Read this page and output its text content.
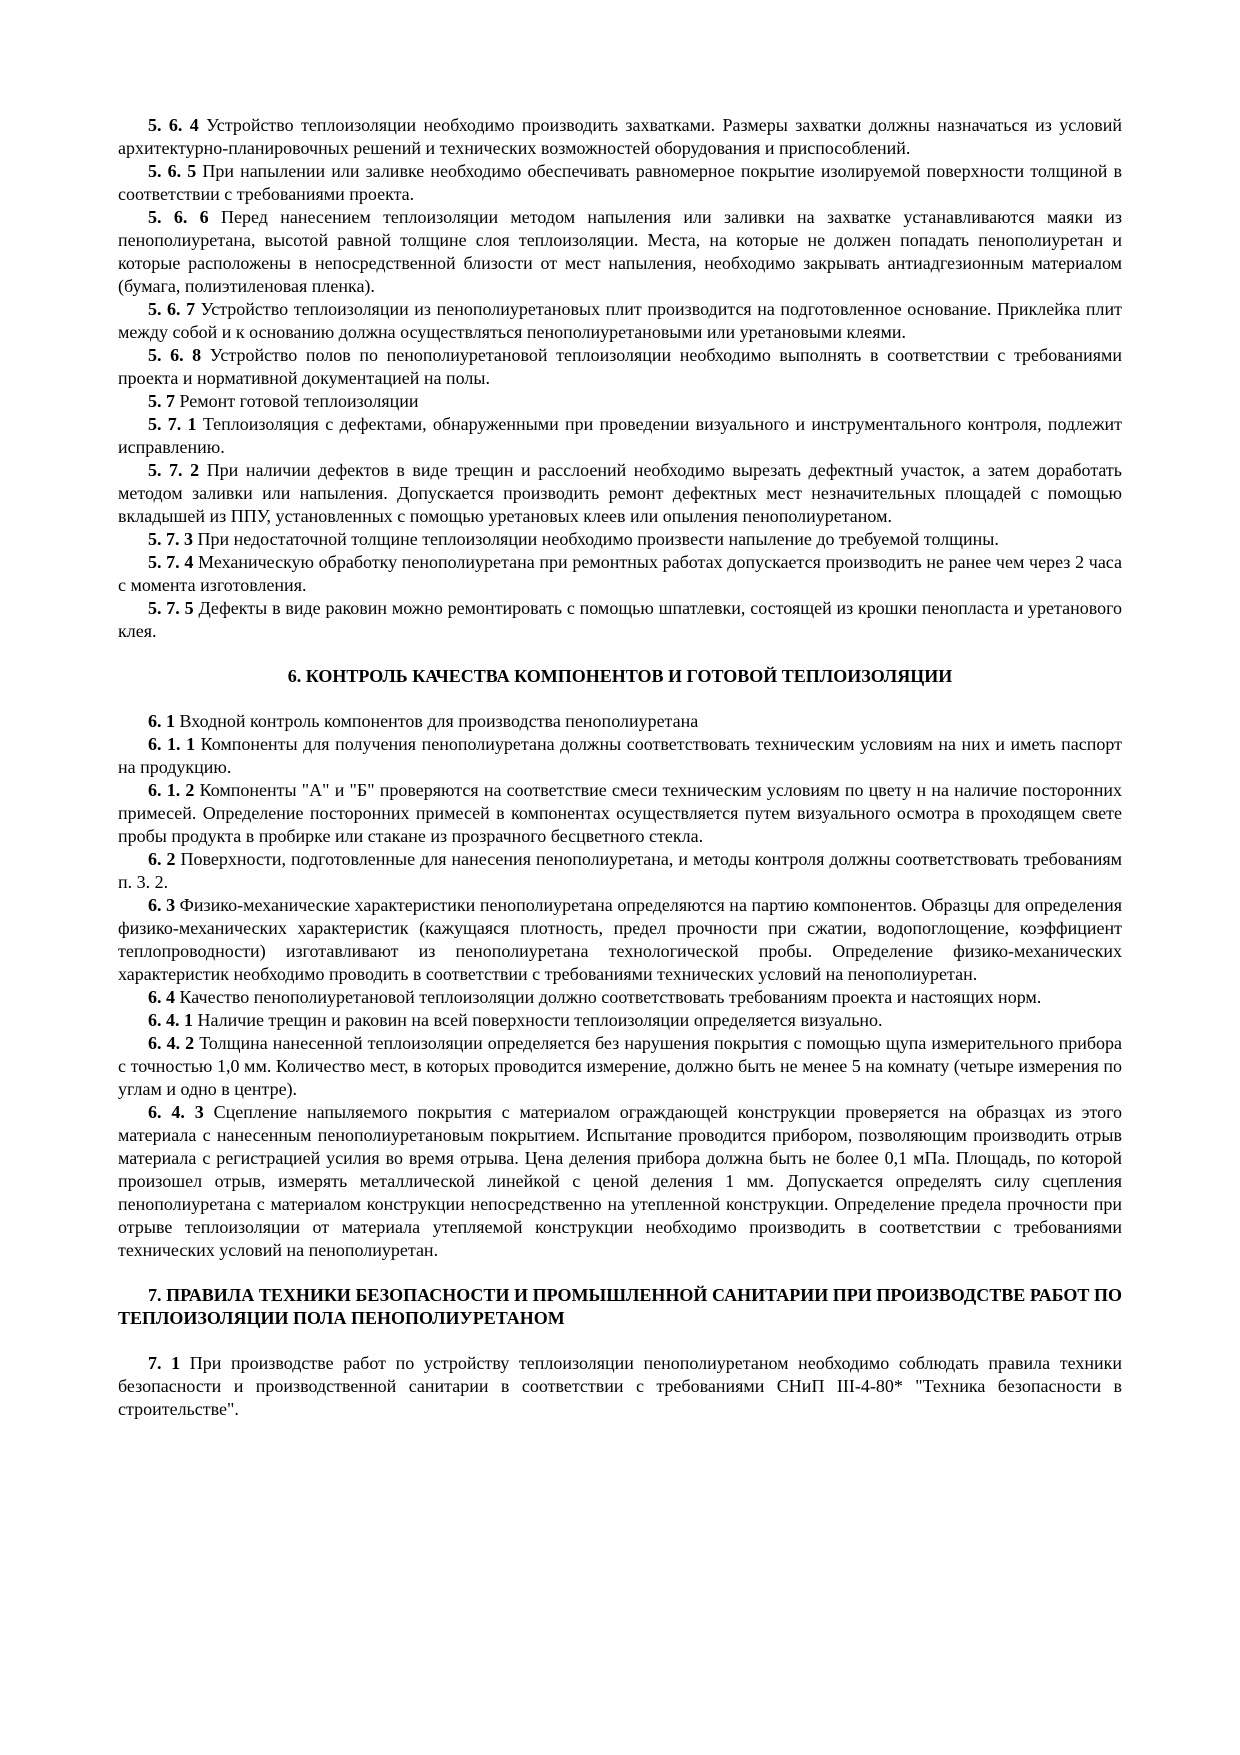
5. 6. 4 Устройство теплоизоляции необходимо производить захватками. Размеры захватки должны назначаться из условий архитектурно-планировочных решений и технических возможностей оборудования и приспособлений.

5. 6. 5 При напылении или заливке необходимо обеспечивать равномерное покрытие изолируемой поверхности толщиной в соответствии с требованиями проекта.

5. 6. 6 Перед нанесением теплоизоляции методом напыления или заливки на захватке устанавливаются маяки из пенополиуретана, высотой равной толщине слоя теплоизоляции. Места, на которые не должен попадать пенополиуретан и которые расположены в непосредственной близости от мест напыления, необходимо закрывать антиадгезионным материалом (бумага, полиэтиленовая пленка).

5. 6. 7 Устройство теплоизоляции из пенополиуретановых плит производится на подготовленное основание. Приклейка плит между собой и к основанию должна осуществляться пенополиуретановыми или уретановыми клеями.

5. 6. 8 Устройство полов по пенополиуретановой теплоизоляции необходимо выполнять в соответствии с требованиями проекта и нормативной документацией на полы.

5. 7 Ремонт готовой теплоизоляции

5. 7. 1 Теплоизоляция с дефектами, обнаруженными при проведении визуального и инструментального контроля, подлежит исправлению.

5. 7. 2 При наличии дефектов в виде трещин и расслоений необходимо вырезать дефектный участок, а затем доработать методом заливки или напыления. Допускается производить ремонт дефектных мест незначительных площадей с помощью вкладышей из ППУ, установленных с помощью уретановых клеев или опыления пенополиуретаном.

5. 7. 3 При недостаточной толщине теплоизоляции необходимо произвести напыление до требуемой толщины.

5. 7. 4 Механическую обработку пенополиуретана при ремонтных работах допускается производить не ранее чем через 2 часа с момента изготовления.

5. 7. 5 Дефекты в виде раковин можно ремонтировать с помощью шпатлевки, состоящей из крошки пенопласта и уретанового клея.

6. КОНТРОЛЬ КАЧЕСТВА КОМПОНЕНТОВ И ГОТОВОЙ ТЕПЛОИЗОЛЯЦИИ

6. 1 Входной контроль компонентов для производства пенополиуретана

6. 1. 1 Компоненты для получения пенополиуретана должны соответствовать техническим условиям на них и иметь паспорт на продукцию.

6. 1. 2 Компоненты "А" и "Б" проверяются на соответствие смеси техническим условиям по цвету н на наличие посторонних примесей. Определение посторонних примесей в компонентах осуществляется путем визуального осмотра в проходящем свете пробы продукта в пробирке или стакане из прозрачного бесцветного стекла.

6. 2 Поверхности, подготовленные для нанесения пенополиуретана, и методы контроля должны соответствовать требованиям п. 3. 2.

6. 3 Физико-механические характеристики пенополиуретана определяются на партию компонентов. Образцы для определения физико-механических характеристик (кажущаяся плотность, предел прочности при сжатии, водопоглощение, коэффициент теплопроводности) изготавливают из пенополиуретана технологической пробы. Определение физико-механических характеристик необходимо проводить в соответствии с требованиями технических условий на пенополиуретан.

6. 4 Качество пенополиуретановой теплоизоляции должно соответствовать требованиям проекта и настоящих норм.

6. 4. 1 Наличие трещин и раковин на всей поверхности теплоизоляции определяется визуально.

6. 4. 2 Толщина нанесенной теплоизоляции определяется без нарушения покрытия с помощью щупа измерительного прибора с точностью 1,0 мм. Количество мест, в которых проводится измерение, должно быть не менее 5 на комнату (четыре измерения по углам и одно в центре).

6. 4. 3 Сцепление напыляемого покрытия с материалом ограждающей конструкции проверяется на образцах из этого материала с нанесенным пенополиуретановым покрытием. Испытание проводится прибором, позволяющим производить отрыв материала с регистрацией усилия во время отрыва. Цена деления прибора должна быть не более 0,1 мПа. Площадь, по которой произошел отрыв, измерять металлической линейкой с ценой деления 1 мм. Допускается определять силу сцепления пенополиуретана с материалом конструкции непосредственно на утепленной конструкции. Определение предела прочности при отрыве теплоизоляции от материала утепляемой конструкции необходимо производить в соответствии с требованиями технических условий на пенополиуретан.

7. ПРАВИЛА ТЕХНИКИ БЕЗОПАСНОСТИ И ПРОМЫШЛЕННОЙ САНИТАРИИ ПРИ ПРОИЗВОДСТВЕ РАБОТ ПО ТЕПЛОИЗОЛЯЦИИ ПОЛА ПЕНОПОЛИУРЕТАНОМ

7. 1 При производстве работ по устройству теплоизоляции пенополиуретаном необходимо соблюдать правила техники безопасности и производственной санитарии в соответствии с требованиями СНиП III-4-80* "Техника безопасности в строительстве".
